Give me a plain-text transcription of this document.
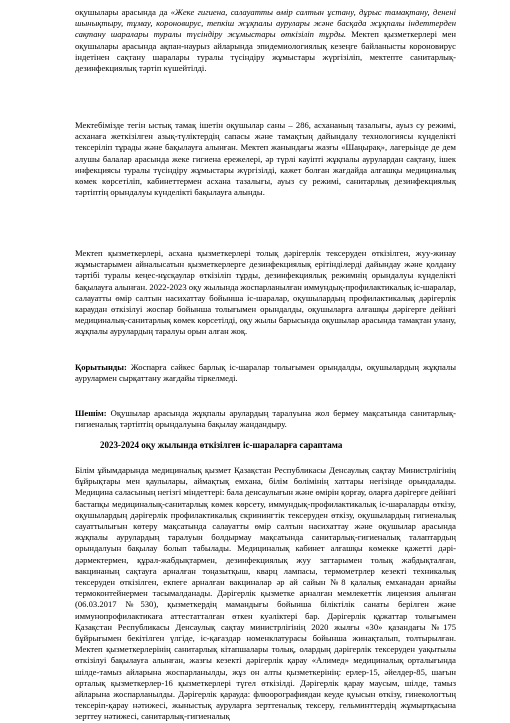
оқушылары арасында да «Жеке гигиена, салауатты өмір салтын ұстану, дұрыс тамақтану, денені шынықтыру, тұмау, короновирус, тепкіш жұқпалы аурулары және басқада жұқпалы індеттерден сақтану шаралары туралы түсіндіру жұмыстары өткізіліп тұрды. Мектеп қызметкерлері мен оқушылары арасында ақпан-наурыз айларында эпидемиологиялық кезеңге байланысты короновирус індетінен сақтану шаралары туралы түсіндіру жұмыстары жүргізіліп, мектепте санитарлық-дезинфекциялық тәртіп күшейтілді.

Мектебімізде тегін ыстық тамақ ішетін оқушылар саны – 286, асхананың тазалығы, ауыз су режимі, асханаға жеткізілген азық-түліктердің сапасы және тамақтың дайындалу технологиясы күнделікті тексеріліп тұрады және бақылауға алынған. Мектеп жанындағы жазғы «Шаңырақ», лагерьінде де дем алушы балалар арасында жеке гигиена ережелері, әр түрлі кауіпті жұқпалы аурулардан сақтану, ішек инфекциясы туралы түсіндіру жұмыстары жүргізілді, кажет болған жағдайда алғашқы медициналық көмек көрсетіліп, кабинеттермен асхана тазалығы, ауыз су режимі, санитарлық дезинфекциялық тәртіптің орындалуы күнделікті бақылауға алынды.

Мектеп қызметкерлері, асхана қызметкерлері толық дәрігерлік тексеруден өткізілген, жуу-жинау жұмыстарымен айналысатын қызметкерлерге дезинфекциялық ерітінділерді дайындау және қолдану тәртібі туралы кеңес-нұсқаулар өткізіліп тұрды, дезинфекциялық режимнің орындалуы күнделікті бақылауға алынған. 2022-2023 оқу жылында жоспарланылған иммундық-профилактикалық іс-шаралар, салауатты өмір салтын насихаттау бойынша іс-шаралар, оқушылардың профилактикалық дәрігерлік караудан өткізілуі жоспар бойынша толығымен орындалды, оқушыларға алғашқы дәрігерге дейінгі медициналық-санитарлық көмек көрсетілді, оқу жылы барысында оқушылар арасында тамақтан улану, жұқпалы аурулардың таралуы орын алған жоқ.

Қорытынды: Жоспарға сәйкес барлық іс-шаралар толығымен орындалды, оқушылардың жұқпалы аурулармен сырқаттану жағдайы тіркелмеді.

Шешім: Оқушылар арасында жұқпалы арулардың таралуына жол бермеу мақсатында санитарлық-гигиеналық тәртіптің орындалуына бақылау жандандыру.

2023-2024 оқу жылында өткізілген іс-шараларға сараптама

Білім ұйымдарында медициналық қызмет Қазақстан Республикасы Денсаулық сақтау Министрлігінің бұйрықтары мен қаулылары, аймақтық емхана, білім бөлімінің хаттары негізінде орындалады. Медицина саласының негізгі міндеттері: бала денсаулығын және өмірін қорғау, оларға дәрігерге дейінгі бастапқы медициналық-санитарлық көмек көрсету, иммундық-профилактикалық іс-шараларды өткізу, оқушылардың дәрігерлік профилактикалық скринингтік тексеруден өткізу, оқушылардың гигиеналық сауаттылығын көтеру мақсатында салауатты өмір салтын насихаттау және оқушылар арасында жұқпалы аурулардың таралуын болдырмау мақсатында санитарлық-гигиеналық талаптардың орындалуын бақылау болып табылады. Медициналық кабинет алғашқы көмекке қажетті дәрі-дәрмектермен, құрал-жабдықтармен, дезинфекциялық жуу заттарымен толық жабдықталған, вакцинаның сақтауға арналған тоңазытқыш, кварц лампасы, термометрлер кезекті техникалық тексеруден өткізілген, екпеге арналған вакциналар әр ай сайын №8 қалалық емханадан арнайы термоконтейнермен тасымалданады. Дәрігерлік қызметке арналған мемлекеттік лицензия алынған (06.03.2017 №530), қызметкердің мамандығы бойынша біліктілік санаты берілген және иммунопрофилактикаға аттестатталған өткен куәліктері бар. Дәрігерлік құжаттар толығымен Қазақстан Республикасы Денсаулық сақтау министрлігінің 2020 жылғы «30» қазандағы №175 бұйрығымен бекітілген үлгіде, іс-қағаздар номенклатурасы бойынша жинақталып, толтырылған. Мектеп қызметкерлерінің санитарлық кітапшалары толық, олардың дәрігерлік тексеруден уақытылы өткізілуі бақылауға алынған, жазғы кезекті дәрігерлік қарау «Алимед» медициналық орталығында шілде-тамыз айларына жоспарланылды, жұз он алты қызметкерінің: ерлер-15, әйелдер-85, шағын орталық қызметкерлер-16 қызметкерлері түгел өткізілді. Дәрігерлік қарау маусым, шілде, тамыз айларына жоспарланылды. Дәрігерлік қарауда: флюорографиядан кеуде қуысын өткізу, гинекологтың тексеріп-қарау нәтижесі, жыныстық ауруларға зерттеналық тексеру, гельминттердің жұмыртқасына зерттеу нәтижесі, санитарлық-гигиеналық
